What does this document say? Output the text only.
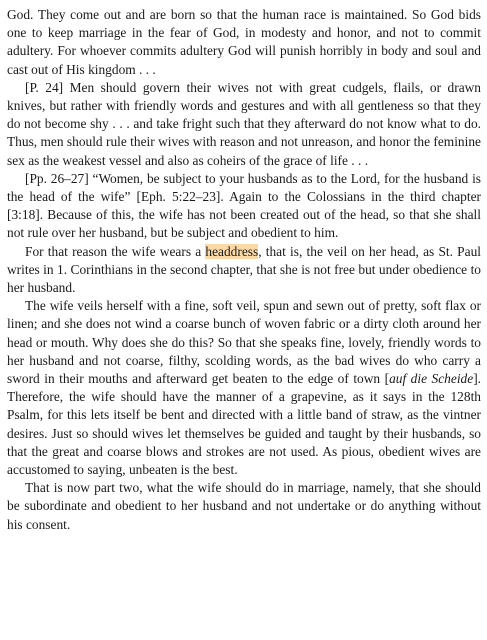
God. They come out and are born so that the human race is maintained. So God bids one to keep marriage in the fear of God, in modesty and honor, and not to commit adultery. For whoever commits adultery God will punish horribly in body and soul and cast out of His kingdom . . .

[P. 24] Men should govern their wives not with great cudgels, flails, or drawn knives, but rather with friendly words and gestures and with all gentleness so that they do not become shy . . . and take fright such that they afterward do not know what to do. Thus, men should rule their wives with reason and not unreason, and honor the feminine sex as the weakest vessel and also as coheirs of the grace of life . . .

[Pp. 26–27] “Women, be subject to your husbands as to the Lord, for the husband is the head of the wife” [Eph. 5:22–23]. Again to the Colossians in the third chapter [3:18]. Because of this, the wife has not been created out of the head, so that she shall not rule over her husband, but be subject and obedient to him.

For that reason the wife wears a headdress, that is, the veil on her head, as St. Paul writes in 1. Corinthians in the second chapter, that she is not free but under obedience to her husband.

The wife veils herself with a fine, soft veil, spun and sewn out of pretty, soft flax or linen; and she does not wind a coarse bunch of woven fabric or a dirty cloth around her head or mouth. Why does she do this? So that she speaks fine, lovely, friendly words to her husband and not coarse, filthy, scolding words, as the bad wives do who carry a sword in their mouths and afterward get beaten to the edge of town [auf die Scheide]. Therefore, the wife should have the manner of a grapevine, as it says in the 128th Psalm, for this lets itself be bent and directed with a little band of straw, as the vintner desires. Just so should wives let themselves be guided and taught by their husbands, so that the great and coarse blows and strokes are not used. As pious, obedient wives are accustomed to saying, unbeaten is the best.

That is now part two, what the wife should do in marriage, namely, that she should be subordinate and obedient to her husband and not undertake or do anything without his consent.
